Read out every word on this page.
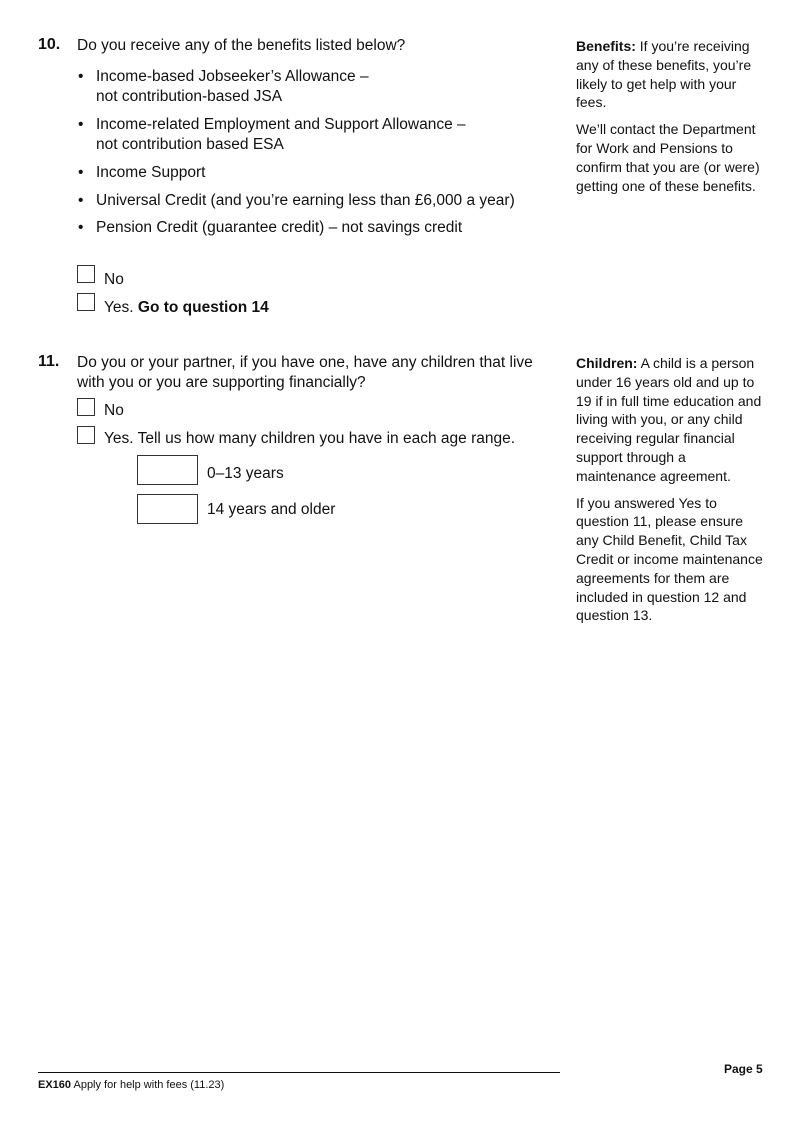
10. Do you receive any of the benefits listed below?
• Income-based Jobseeker’s Allowance –
not contribution-based JSA
• Income-related Employment and Support Allowance –
not contribution based ESA
• Income Support
• Universal Credit (and you’re earning less than £6,000 a year)
• Pension Credit (guarantee credit) – not savings credit
No
Yes. Go to question 14
Benefits: If you’re receiving any of these benefits, you’re likely to get help with your fees.
We’ll contact the Department for Work and Pensions to confirm that you are (or were) getting one of these benefits.
11. Do you or your partner, if you have one, have any children that live
with you or you are supporting financially?
No
Yes. Tell us how many children you have in each age range.
0–13 years
14 years and older
Children: A child is a person under 16 years old and up to 19 if in full time education and living with you, or any child receiving regular financial support through a maintenance agreement.
If you answered Yes to question 11, please ensure any Child Benefit, Child Tax Credit or income maintenance agreements for them are included in question 12 and question 13.
EX160 Apply for help with fees (11.23)
Page 5
